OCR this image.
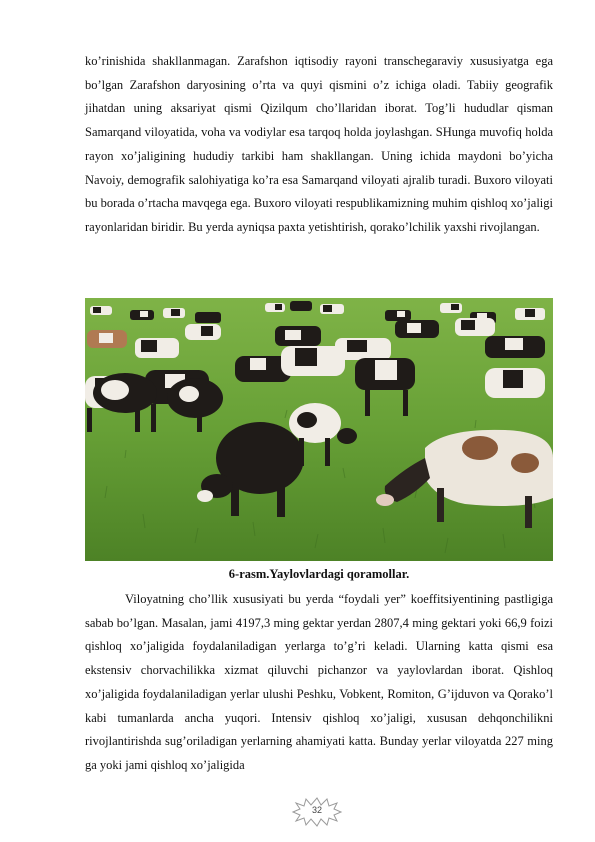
ko’rinishida shakllanmagan. Zarafshon iqtisodiy rayoni transchegaraviy xususiyatga ega bo’lgan Zarafshon daryosining o’rta va quyi qismini o’z ichiga oladi. Tabiiy geografik jihatdan uning aksariyat qismi Qizilqum cho’llaridan iborat. Tog’li hududlar qisman Samarqand viloyatida, voha va vodiylar esa tarqoq holda joylashgan. SHunga muvofiq holda rayon xo’jaligining hududiy tarkibi ham shakllangan. Uning ichida maydoni bo’yicha Navoiy, demografik salohiyatiga ko’ra esa Samarqand viloyati ajralib turadi. Buxoro viloyati bu borada o’rtacha mavqega ega. Buxoro viloyati respublikamizning muhim qishloq xo’jaligi rayonlaridan biridir. Bu yerda ayniqsa paxta yetishtirish, qorako’lchilik yaxshi rivojlangan.

6-rasm.Yaylovlardagi qoramollar.

Viloyatning cho’llik xususiyati bu yerda “foydali yer” koeffitsiyentining pastligiga sabab bo’lgan. Masalan, jami 4197,3 ming gektar yerdan 2807,4 ming gektari yoki 66,9 foizi qishloq xo’jaligida foydalaniladigan yerlarga to’g’ri keladi. Ularning katta qismi esa ekstensiv chorvachilikka xizmat qiluvchi pichanzor va yaylovlardan iborat. Qishloq xo’jaligida foydalaniladigan yerlar ulushi Peshku, Vobkent, Romiton, G’ijduvon va Qorako’l kabi tumanlarda ancha yuqori. Intensiv qishloq xo’jaligi, xususan dehqonchilikni rivojlantirishda sug’oriladigan yerlarning ahamiyati katta. Bunday yerlar viloyatda 227 ming ga yoki jami qishloq xo’jaligida

32
